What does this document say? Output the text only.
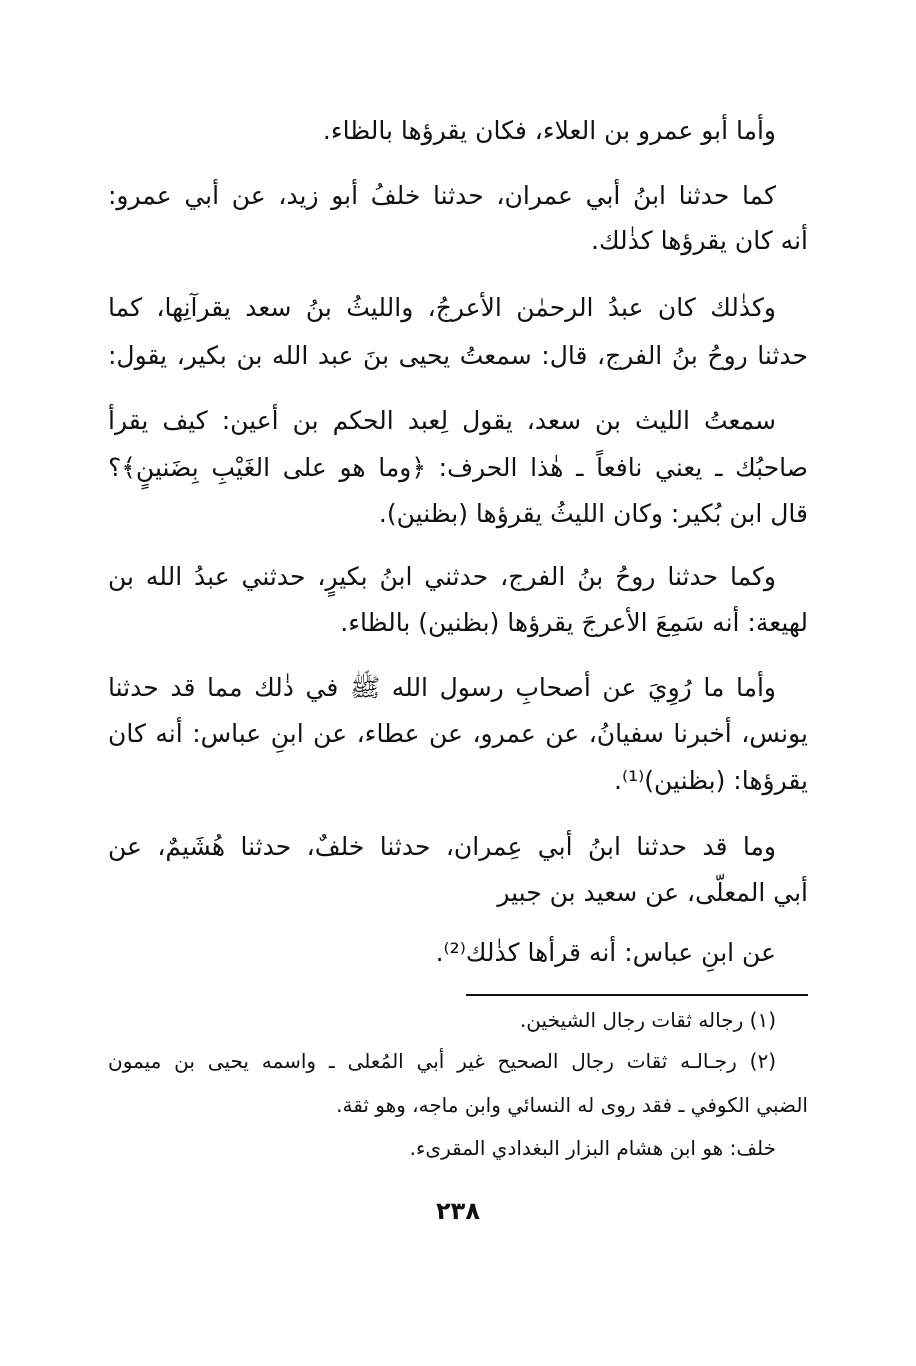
وأما أبو عمرو بن العلاء، فكان يقرؤها بالظاء.
كما حدثنا ابنُ أبي عمران، حدثنا خلفُ أبو زيد، عن أبي عمرو:
أنه كان يقرؤها كذٰلك.
وكذٰلك كان عبدُ الرحمٰن الأعرجُ، والليثُ بنُ سعد يقرآنِها، كما
حدثنا روحُ بنُ الفرج، قال: سمعتُ يحيى بنَ عبد الله بن بكير، يقول:
سمعتُ الليث بن سعد، يقول لِعبد الحكم بن أعين: كيف يقرأ
صاحبُك ـ يعني نافعاً ـ هٰذا الحرف: ﴿وما هو على الغَيْبِ بِضَنينٍ﴾؟
قال ابن بُكير: وكان الليثُ يقرؤها (بظنين).
وكما حدثنا روحُ بنُ الفرج، حدثني ابنُ بكيرٍ، حدثني عبدُ الله بن
لهيعة: أنه سَمِعَ الأعرجَ يقرؤها (بظنين) بالظاء.
وأما ما رُوِيَ عن أصحابِ رسول الله ﷺ في ذٰلك مما قد حدثنا
يونس، أخبرنا سفيانُ، عن عمرو، عن عطاء، عن ابنِ عباس: أنه كان
يقرؤها: (بظنين)⁽¹⁾.
وما قد حدثنا ابنُ أبي عِمران، حدثنا خلفٌ، حدثنا هُشَيمٌ، عن
أبي المعلّى، عن سعيد بن جبير
عن ابنِ عباس: أنه قرأها كذٰلك⁽²⁾.
(١) رجاله ثقات رجال الشيخين.
(٢) رجـالـه ثقات رجال الصحيح غير أبي المُعلى ـ واسمه يحيى بن ميمون
الضبي الكوفي ـ فقد روى له النسائي وابن ماجه، وهو ثقة.
خلف: هو ابن هشام البزار البغدادي المقرىء.
٢٣٨
